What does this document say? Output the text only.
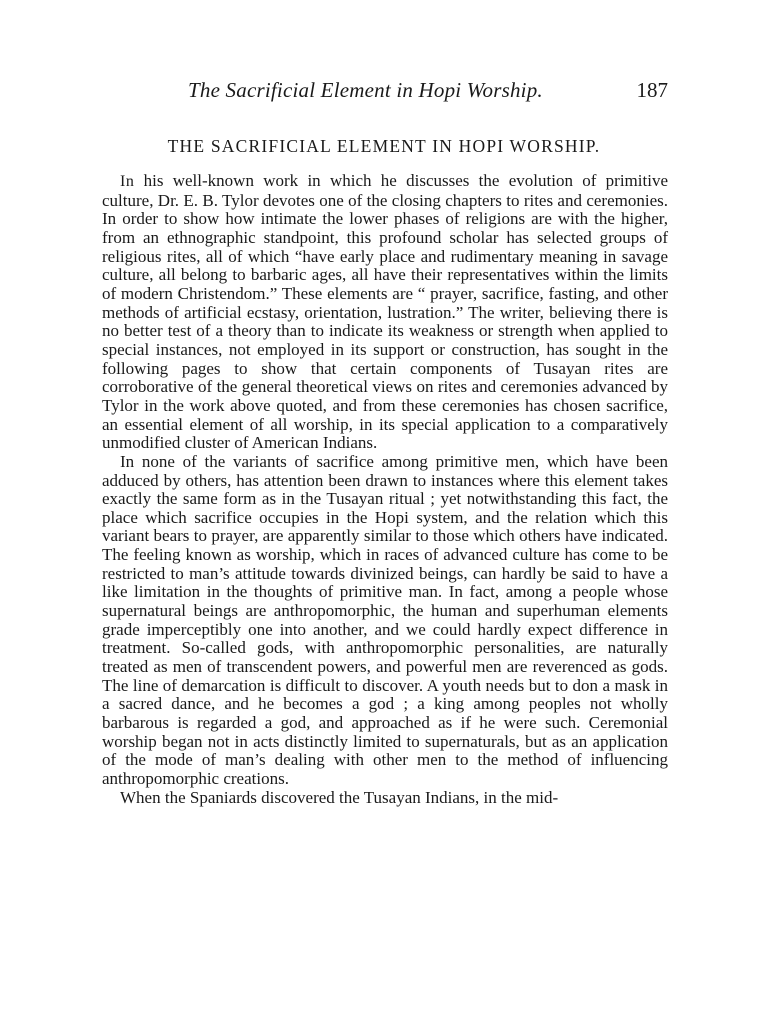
The Sacrificial Element in Hopi Worship.	187
THE SACRIFICIAL ELEMENT IN HOPI WORSHIP.

In his well-known work in which he discusses the evolution of primitive culture, Dr. E. B. Tylor devotes one of the closing chapters to rites and ceremonies. In order to show how intimate the lower phases of religions are with the higher, from an ethnographic standpoint, this profound scholar has selected groups of religious rites, all of which “have early place and rudimentary meaning in savage culture, all belong to barbaric ages, all have their representatives within the limits of modern Christendom.” These elements are “ prayer, sacrifice, fasting, and other methods of artificial ecstasy, orientation, lustration.” The writer, believing there is no better test of a theory than to indicate its weakness or strength when applied to special instances, not employed in its support or construction, has sought in the following pages to show that certain components of Tusayan rites are corroborative of the general theoretical views on rites and ceremonies advanced by Tylor in the work above quoted, and from these ceremonies has chosen sacrifice, an essential element of all worship, in its special application to a comparatively unmodified cluster of American Indians.

In none of the variants of sacrifice among primitive men, which have been adduced by others, has attention been drawn to instances where this element takes exactly the same form as in the Tusayan ritual ; yet notwithstanding this fact, the place which sacrifice occupies in the Hopi system, and the relation which this variant bears to prayer, are apparently similar to those which others have indicated. The feeling known as worship, which in races of advanced culture has come to be restricted to man’s attitude towards divinized beings, can hardly be said to have a like limitation in the thoughts of primitive man. In fact, among a people whose supernatural beings are anthropomorphic, the human and superhuman elements grade imperceptibly one into another, and we could hardly expect difference in treatment. So-called gods, with anthropomorphic personalities, are naturally treated as men of transcendent powers, and powerful men are reverenced as gods. The line of demarcation is difficult to discover. A youth needs but to don a mask in a sacred dance, and he becomes a god ; a king among peoples not wholly barbarous is regarded a god, and approached as if he were such. Ceremonial worship began not in acts distinctly limited to supernaturals, but as an application of the mode of man’s dealing with other men to the method of influencing anthropomorphic creations.

When the Spaniards discovered the Tusayan Indians, in the mid-
